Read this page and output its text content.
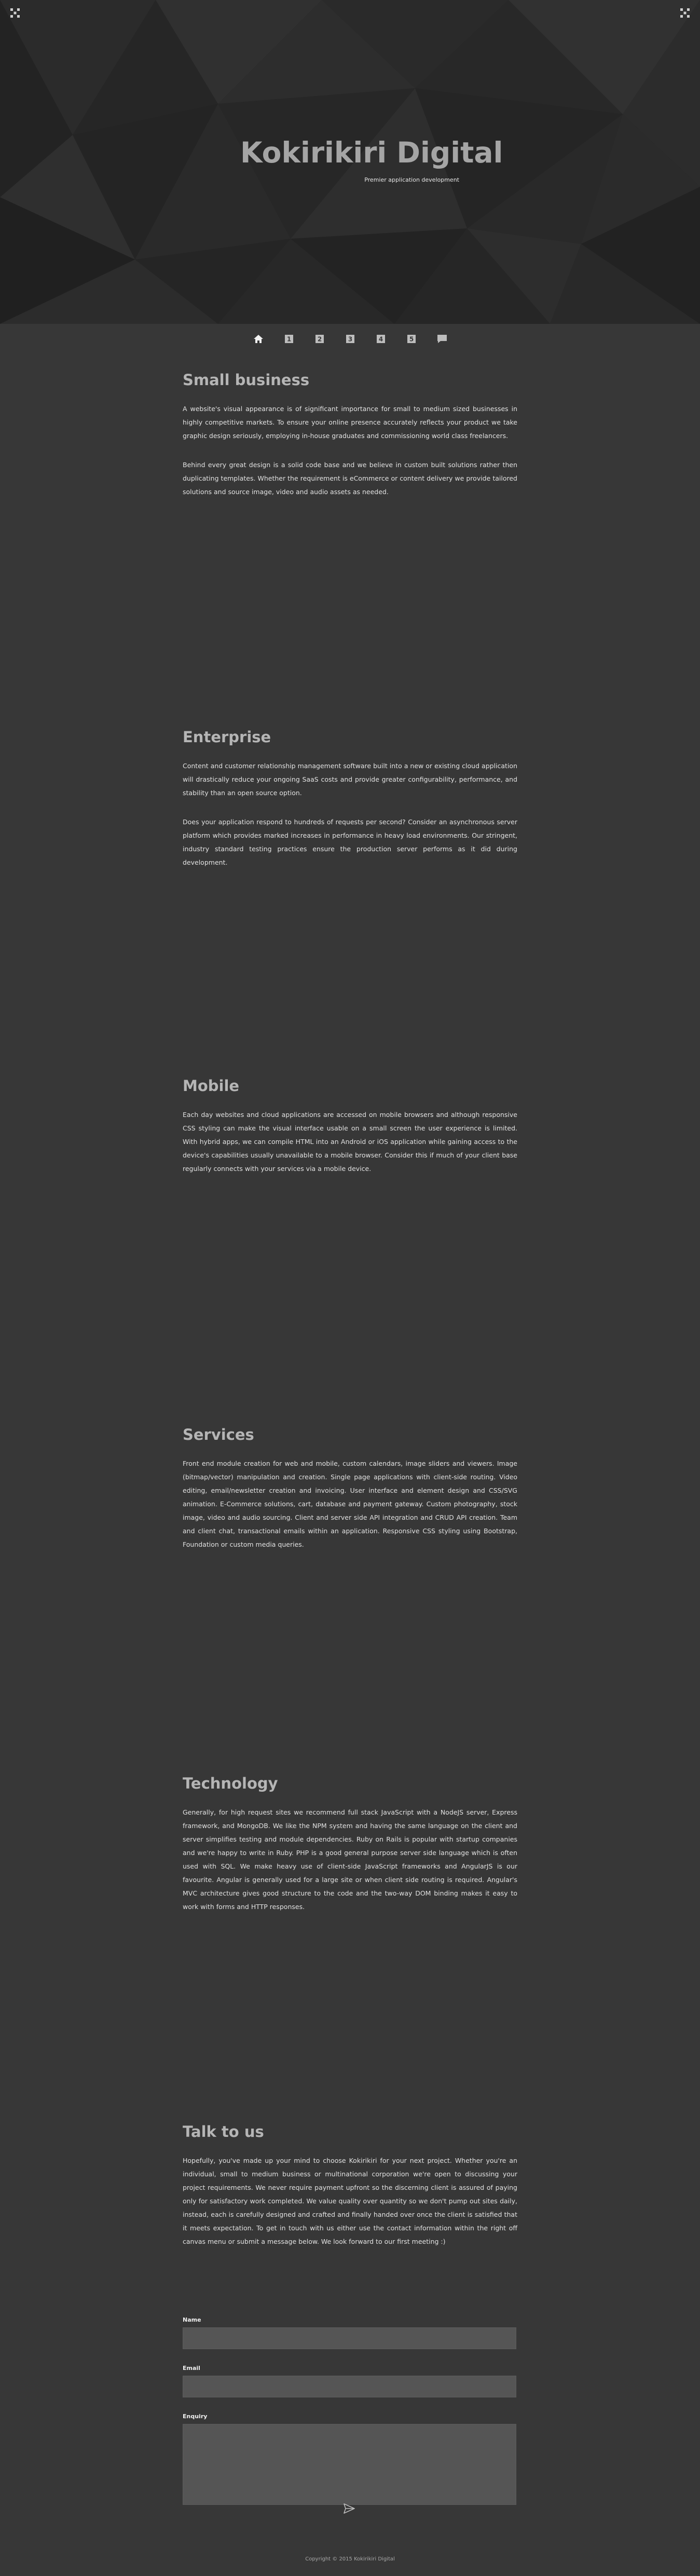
Kokirikiri Digital
Premier application development
1	2	3	4	5
Small business

A website's visual appearance is of significant importance for small to medium sized businesses in highly competitive markets. To ensure your online presence accurately reflects your product we take graphic design seriously, employing in-house graduates and commissioning world class freelancers.

Behind every great design is a solid code base and we believe in custom built solutions rather then duplicating templates. Whether the requirement is eCommerce or content delivery we provide tailored solutions and source image, video and audio assets as needed.

Enterprise

Content and customer relationship management software built into a new or existing cloud application will drastically reduce your ongoing SaaS costs and provide greater configurability, performance, and stability than an open source option.

Does your application respond to hundreds of requests per second? Consider an asynchronous server platform which provides marked increases in performance in heavy load environments. Our stringent, industry standard testing practices ensure the production server performs as it did during development.

Mobile

Each day websites and cloud applications are accessed on mobile browsers and although responsive CSS styling can make the visual interface usable on a small screen the user experience is limited. With hybrid apps, we can compile HTML into an Android or iOS application while gaining access to the device's capabilities usually unavailable to a mobile browser. Consider this if much of your client base regularly connects with your services via a mobile device.

Services

Front end module creation for web and mobile, custom calendars, image sliders and viewers. Image (bitmap/vector) manipulation and creation. Single page applications with client-side routing. Video editing, email/newsletter creation and invoicing. User interface and element design and CSS/SVG animation. E-Commerce solutions, cart, database and payment gateway. Custom photography, stock image, video and audio sourcing. Client and server side API integration and CRUD API creation. Team and client chat, transactional emails within an application. Responsive CSS styling using Bootstrap, Foundation or custom media queries.

Technology

Generally, for high request sites we recommend full stack JavaScript with a NodeJS server, Express framework, and MongoDB. We like the NPM system and having the same language on the client and server simplifies testing and module dependencies. Ruby on Rails is popular with startup companies and we're happy to write in Ruby. PHP is a good general purpose server side language which is often used with SQL. We make heavy use of client-side JavaScript frameworks and AngularJS is our favourite. Angular is generally used for a large site or when client side routing is required. Angular's MVC architecture gives good structure to the code and the two-way DOM binding makes it easy to work with forms and HTTP responses.

Talk to us

Hopefully, you've made up your mind to choose Kokirikiri for your next project. Whether you're an individual, small to medium business or multinational corporation we're open to discussing your project requirements. We never require payment upfront so the discerning client is assured of paying only for satisfactory work completed. We value quality over quantity so we don't pump out sites daily, instead, each is carefully designed and crafted and finally handed over once the client is satisfied that it meets expectation. To get in touch with us either use the contact information within the right off canvas menu or submit a message below. We look forward to our first meeting :)

Name
Email
Enquiry
Copyright © 2015 Kokirikiri Digital
